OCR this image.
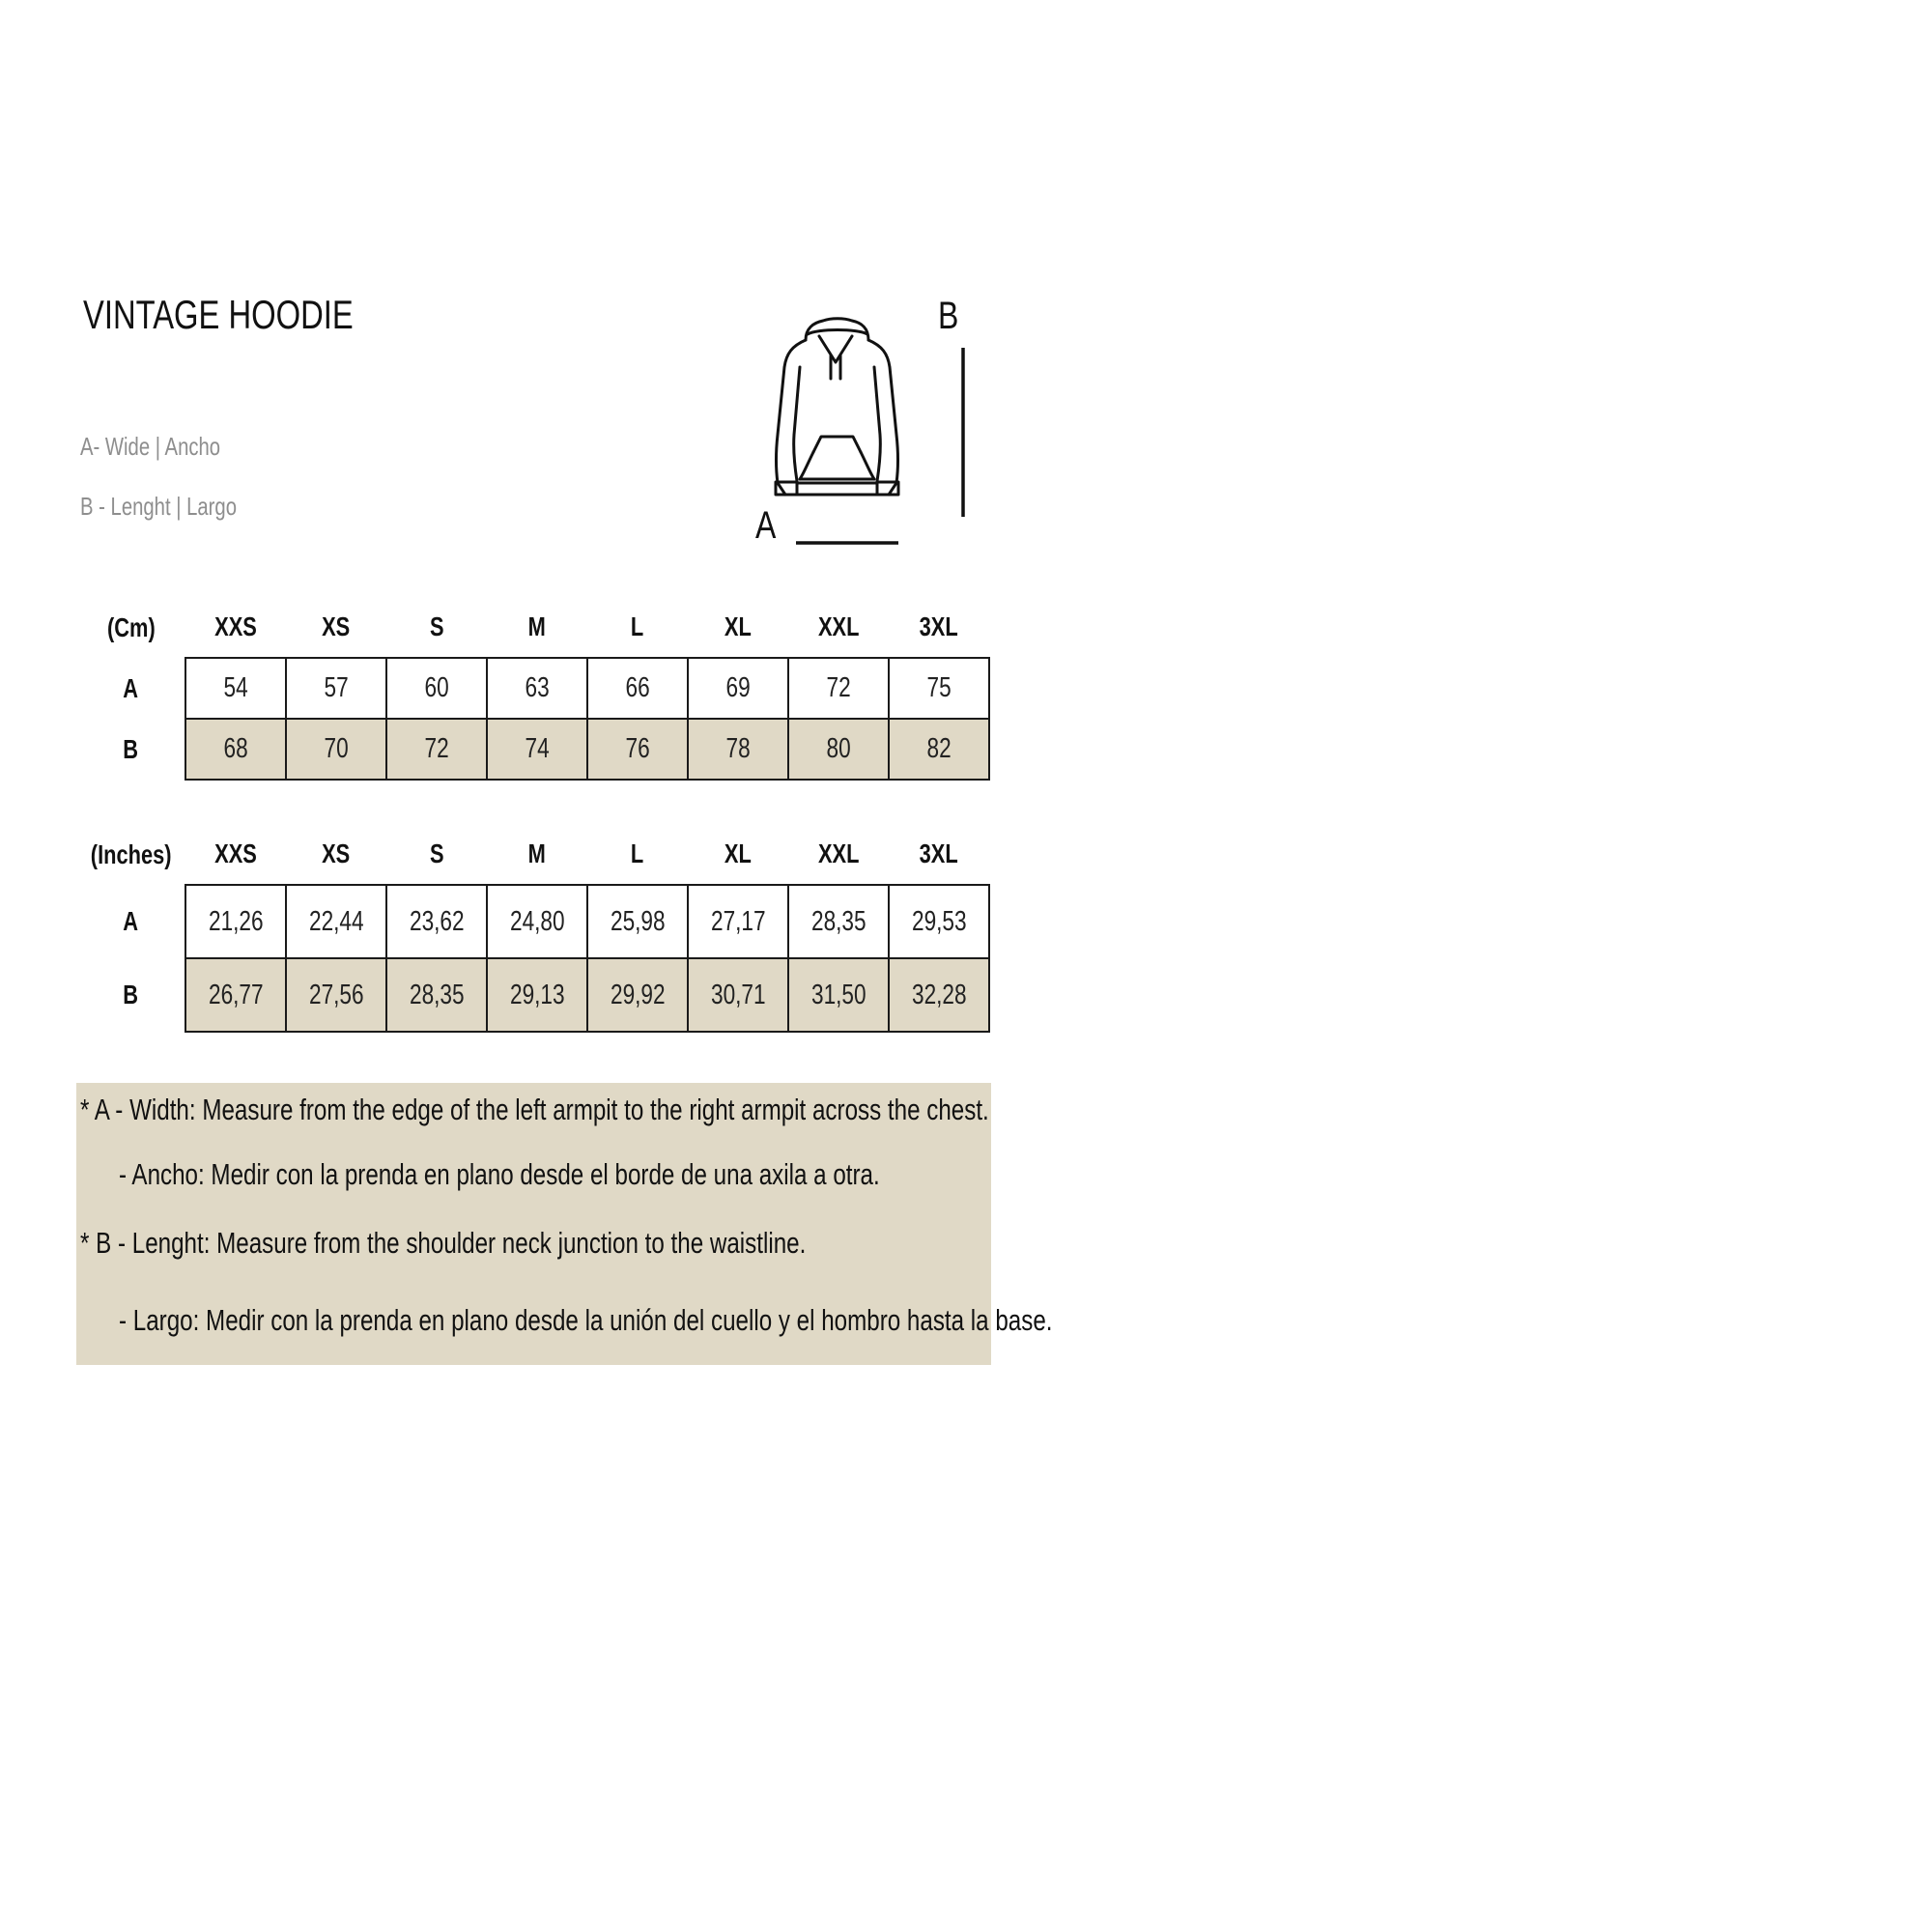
VINTAGE HOODIE
A- Wide | Ancho
B - Lenght | Largo
B
A
(Cm)	XXS	XS	S	M	L	XL	XXL	3XL
A	54	57	60	63	66	69	72	75
B	68	70	72	74	76	78	80	82
(Inches)	XXS	XS	S	M	L	XL	XXL	3XL
A	21,26	22,44	23,62	24,80	25,98	27,17	28,35	29,53
B	26,77	27,56	28,35	29,13	29,92	30,71	31,50	32,28
* A - Width: Measure from the edge of the left armpit to the right armpit across the chest.
- Ancho: Medir con la prenda en plano desde el borde de una axila a otra.
* B - Lenght: Measure from the shoulder neck junction to the waistline.
- Largo: Medir con la prenda en plano desde la unión del cuello y el hombro hasta la base.
